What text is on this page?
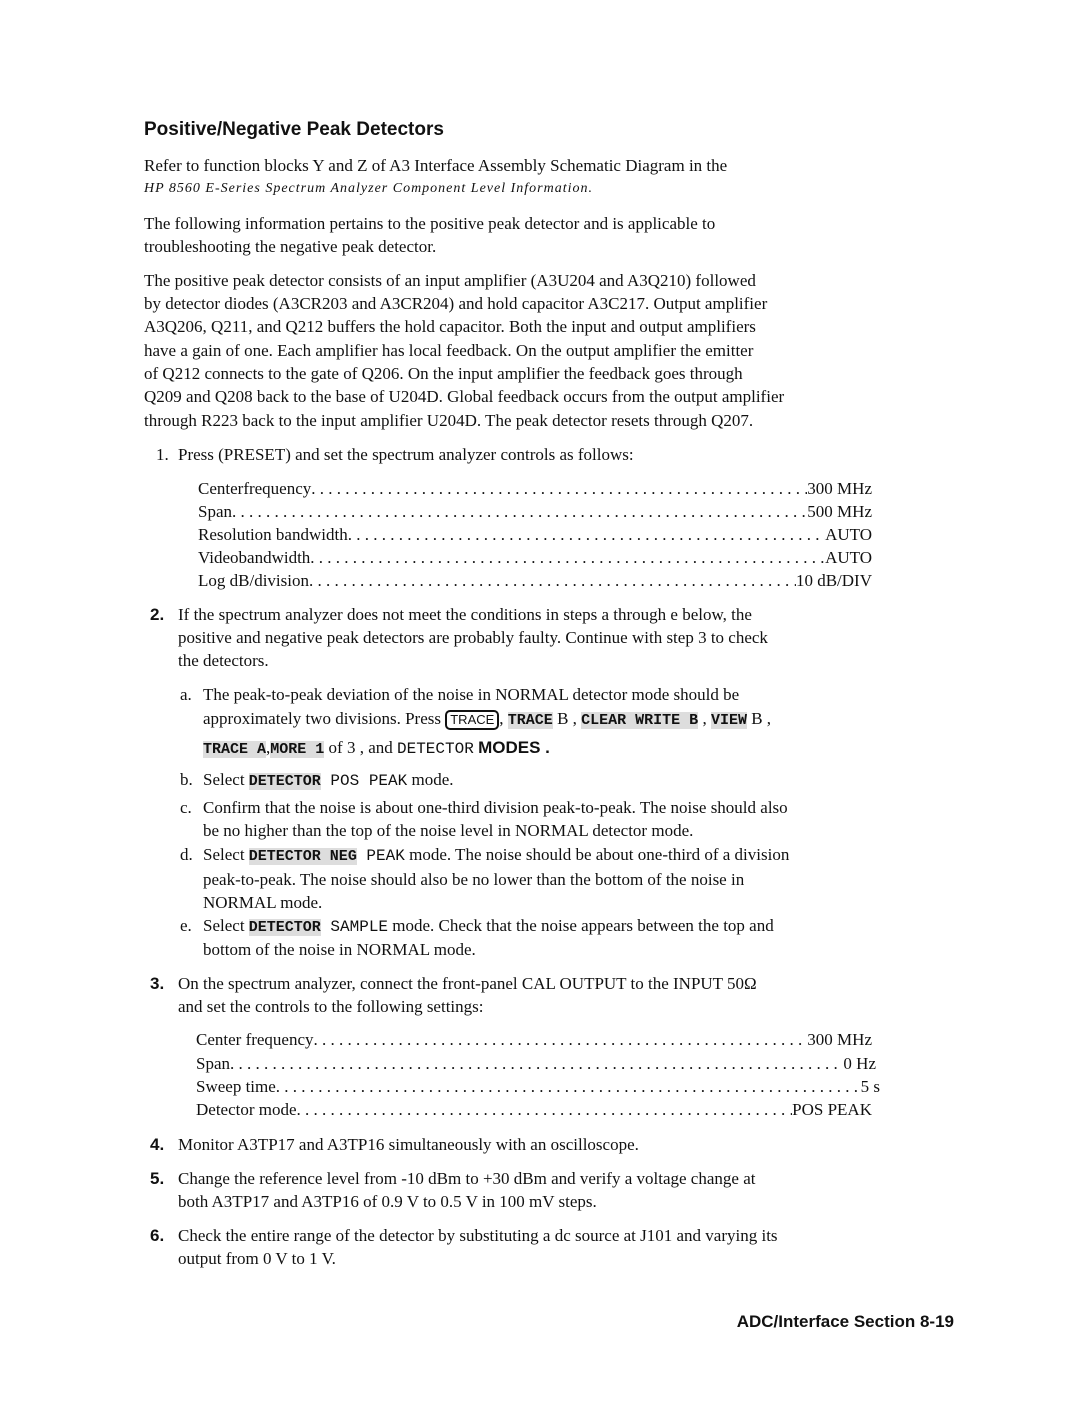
Positive/Negative Peak Detectors
Refer to function blocks Y and Z of A3 Interface Assembly Schematic Diagram in the
HP 8560 E-Series Spectrum Analyzer Component Level Information.
The following information pertains to the positive peak detector and is applicable to
troubleshooting the negative peak detector.
The positive peak detector consists of an input amplifier (A3U204 and A3Q210) followed
by detector diodes (A3CR203 and A3CR204) and hold capacitor A3C217. Output amplifier
A3Q206, Q211, and Q212 buffers the hold capacitor. Both the input and output amplifiers
have a gain of one. Each amplifier has local feedback. On the output amplifier the emitter
of Q212 connects to the gate of Q206. On the input amplifier the feedback goes through
Q209 and Q208 back to the base of U204D. Global feedback occurs from the output amplifier
through R223 back to the input amplifier U204D. The peak detector resets through Q207.
1. Press (PRESET) and set the spectrum analyzer controls as follows:
Centerfrequency . . .	300 MHz
Span . . .	500 MHz
Resolution bandwidth . . .	AUTO
Videobandwidth . . .	AUTO
Log dB/division . . .	10 dB/DIV
2. If the spectrum analyzer does not meet the conditions in steps a through e below, the
positive and negative peak detectors are probably faulty. Continue with step 3 to check
the detectors.
a. The peak-to-peak deviation of the noise in NORMAL detector mode should be
approximately two divisions. Press TRACE , TRACE B , CLEAR WRITE B , VIEW B ,
TRACE A,MORE 1 of 3 , and DETECTOR MODES .
b. Select DETECTOR POS PEAK mode.
c. Confirm that the noise is about one-third division peak-to-peak. The noise should also
be no higher than the top of the noise level in NORMAL detector mode.
d. Select DETECTOR NEG PEAK mode. The noise should be about one-third of a division
peak-to-peak. The noise should also be no lower than the bottom of the noise in
NORMAL mode.
e. Select DETECTOR SAMPLE mode. Check that the noise appears between the top and
bottom of the noise in NORMAL mode.
3. On the spectrum analyzer, connect the front-panel CAL OUTPUT to the INPUT 50Ω
and set the controls to the following settings:
Center frequency . . .	300 MHz
Span . . .	0 Hz
Sweep time . . .	5 s
Detector mode . . .	POS PEAK
4. Monitor A3TP17 and A3TP16 simultaneously with an oscilloscope.
5. Change the reference level from -10 dBm to +30 dBm and verify a voltage change at
both A3TP17 and A3TP16 of 0.9 V to 0.5 V in 100 mV steps.
6. Check the entire range of the detector by substituting a dc source at J101 and varying its
output from 0 V to 1 V.
ADC/Interface Section 8-19
